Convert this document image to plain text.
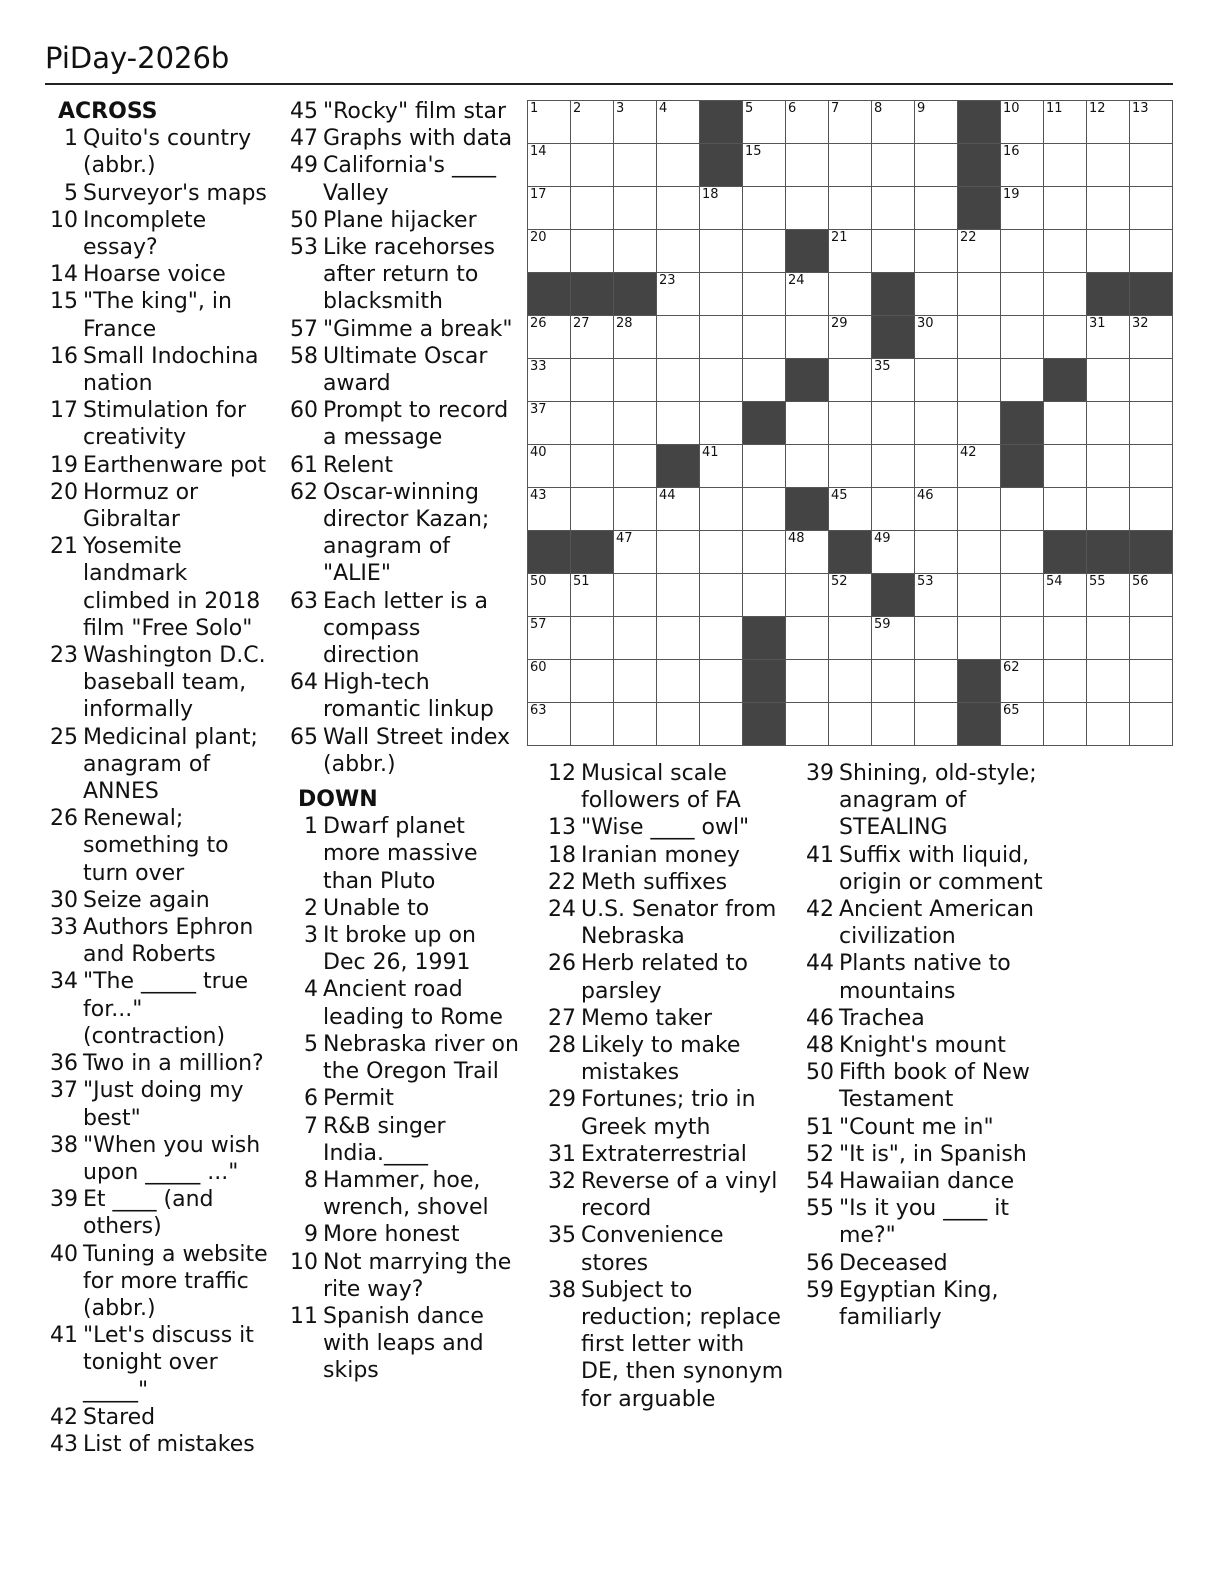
PiDay-2026b
ACROSS
1 Quito's country (abbr.)
5 Surveyor's maps
10 Incomplete essay?
14 Hoarse voice
15 "The king", in France
16 Small Indochina nation
17 Stimulation for creativity
19 Earthenware pot
20 Hormuz or Gibraltar
21 Yosemite landmark climbed in 2018 film "Free Solo"
23 Washington D.C. baseball team, informally
25 Medicinal plant; anagram of ANNES
26 Renewal; something to turn over
30 Seize again
33 Authors Ephron and Roberts
34 "The _____ true for..." (contraction)
36 Two in a million?
37 "Just doing my best"
38 "When you wish upon _____ ..."
39 Et ____ (and others)
40 Tuning a website for more traffic (abbr.)
41 "Let's discuss it tonight over _____"
42 Stared
43 List of mistakes
45 "Rocky" film star
47 Graphs with data
49 California's ____ Valley
50 Plane hijacker
53 Like racehorses after return to blacksmith
57 "Gimme a break"
58 Ultimate Oscar award
60 Prompt to record a message
61 Relent
62 Oscar-winning director Kazan; anagram of "ALIE"
63 Each letter is a compass direction
64 High-tech romantic linkup
65 Wall Street index (abbr.)
DOWN
1 Dwarf planet more massive than Pluto
2 Unable to
3 It broke up on Dec 26, 1991
4 Ancient road leading to Rome
5 Nebraska river on the Oregon Trail
6 Permit
7 R&B singer India.____
8 Hammer, hoe, wrench, shovel
9 More honest
10 Not marrying the rite way?
11 Spanish dance with leaps and skips
12 Musical scale followers of FA
13 "Wise ____ owl"
18 Iranian money
22 Meth suffixes
24 U.S. Senator from Nebraska
26 Herb related to parsley
27 Memo taker
28 Likely to make mistakes
29 Fortunes; trio in Greek myth
31 Extraterrestrial
32 Reverse of a vinyl record
35 Convenience stores
38 Subject to reduction; replace first letter with DE, then synonym for arguable
39 Shining, old-style; anagram of STEALING
41 Suffix with liquid, origin or comment
42 Ancient American civilization
44 Plants native to mountains
46 Trachea
48 Knight's mount
50 Fifth book of New Testament
51 "Count me in"
52 "It is", in Spanish
54 Hawaiian dance
55 "Is it you ____ it me?"
56 Deceased
59 Egyptian King, familiarly
1	2	3	4	5	6	7	8	9	10 11 12 13
14	15	16
17	18	19
20	21	22
23	24
26 27 28	29	30	31 32
33	35
37
40	41	42
43	44	45	46
47	48	49
50 51	52	53	54 55 56
57	59
60	62
63	65
